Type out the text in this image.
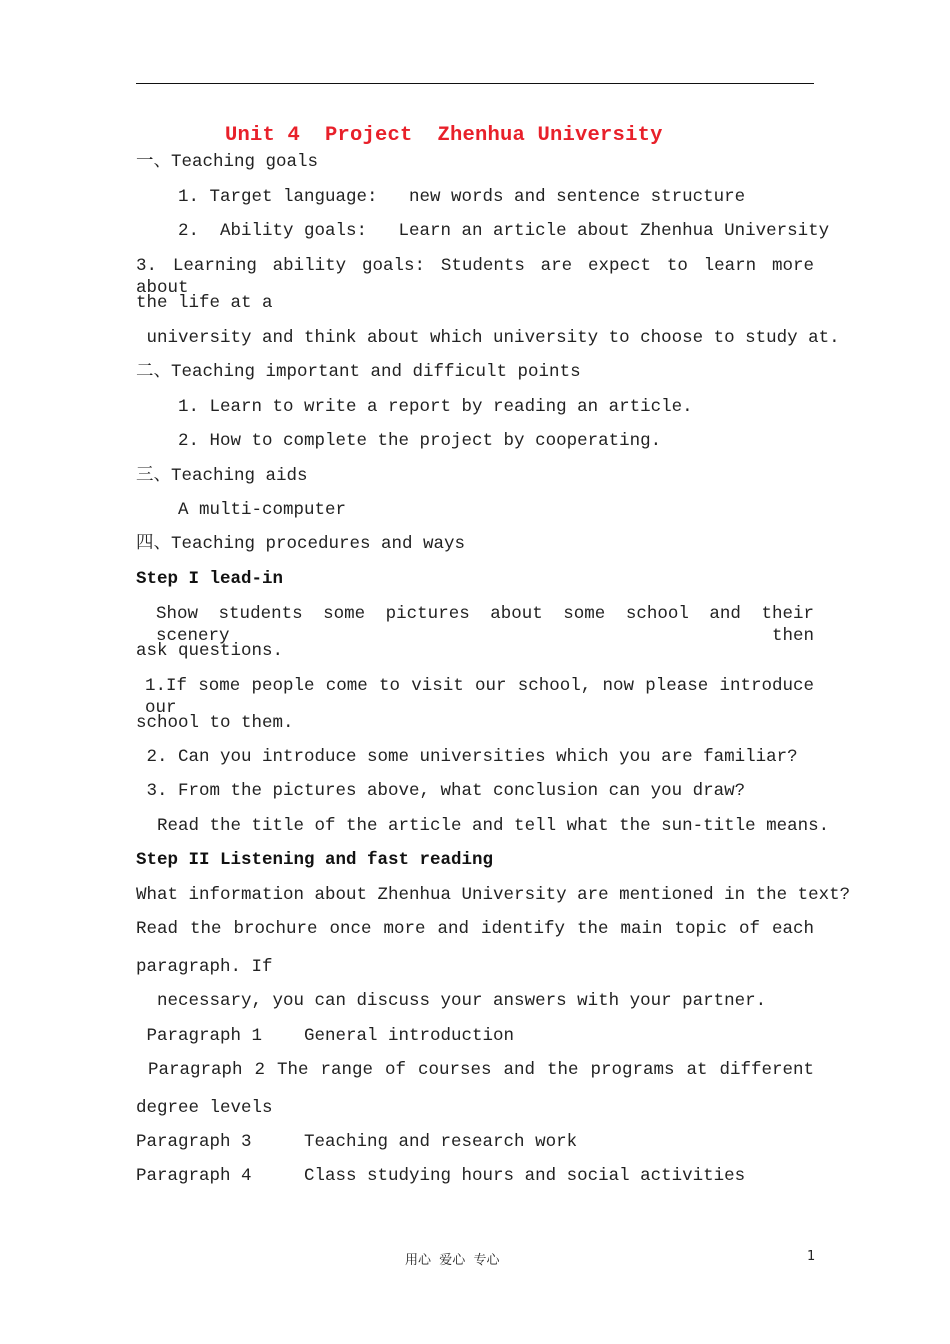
Unit 4  Project  Zhenhua University
一、Teaching goals
1. Target language:   new words and sentence structure
2.  Ability goals:   Learn an article about Zhenhua University
3. Learning ability goals: Students are expect to learn more about
the life at a
university and think about which university to choose to study at.
二、Teaching important and difficult points
1. Learn to write a report by reading an article.
2. How to complete the project by cooperating.
三、Teaching aids
A multi-computer
四、Teaching procedures and ways
Step I lead-in
Show students some pictures about some school and their scenery then
ask questions.
1.If some people come to visit our school, now please introduce our
school to them.
2. Can you introduce some universities which you are familiar?
3. From the pictures above, what conclusion can you draw?
Read the title of the article and tell what the sun-title means.
Step II Listening and fast reading
What information about Zhenhua University are mentioned in the text?
Read the brochure once more and identify the main topic of each
paragraph. If
necessary, you can discuss your answers with your partner.
Paragraph 1    General introduction
Paragraph 2 The range of courses and the programs at different
degree levels
Paragraph 3     Teaching and research work
Paragraph 4     Class studying hours and social activities
用心  爱心  专心	1
